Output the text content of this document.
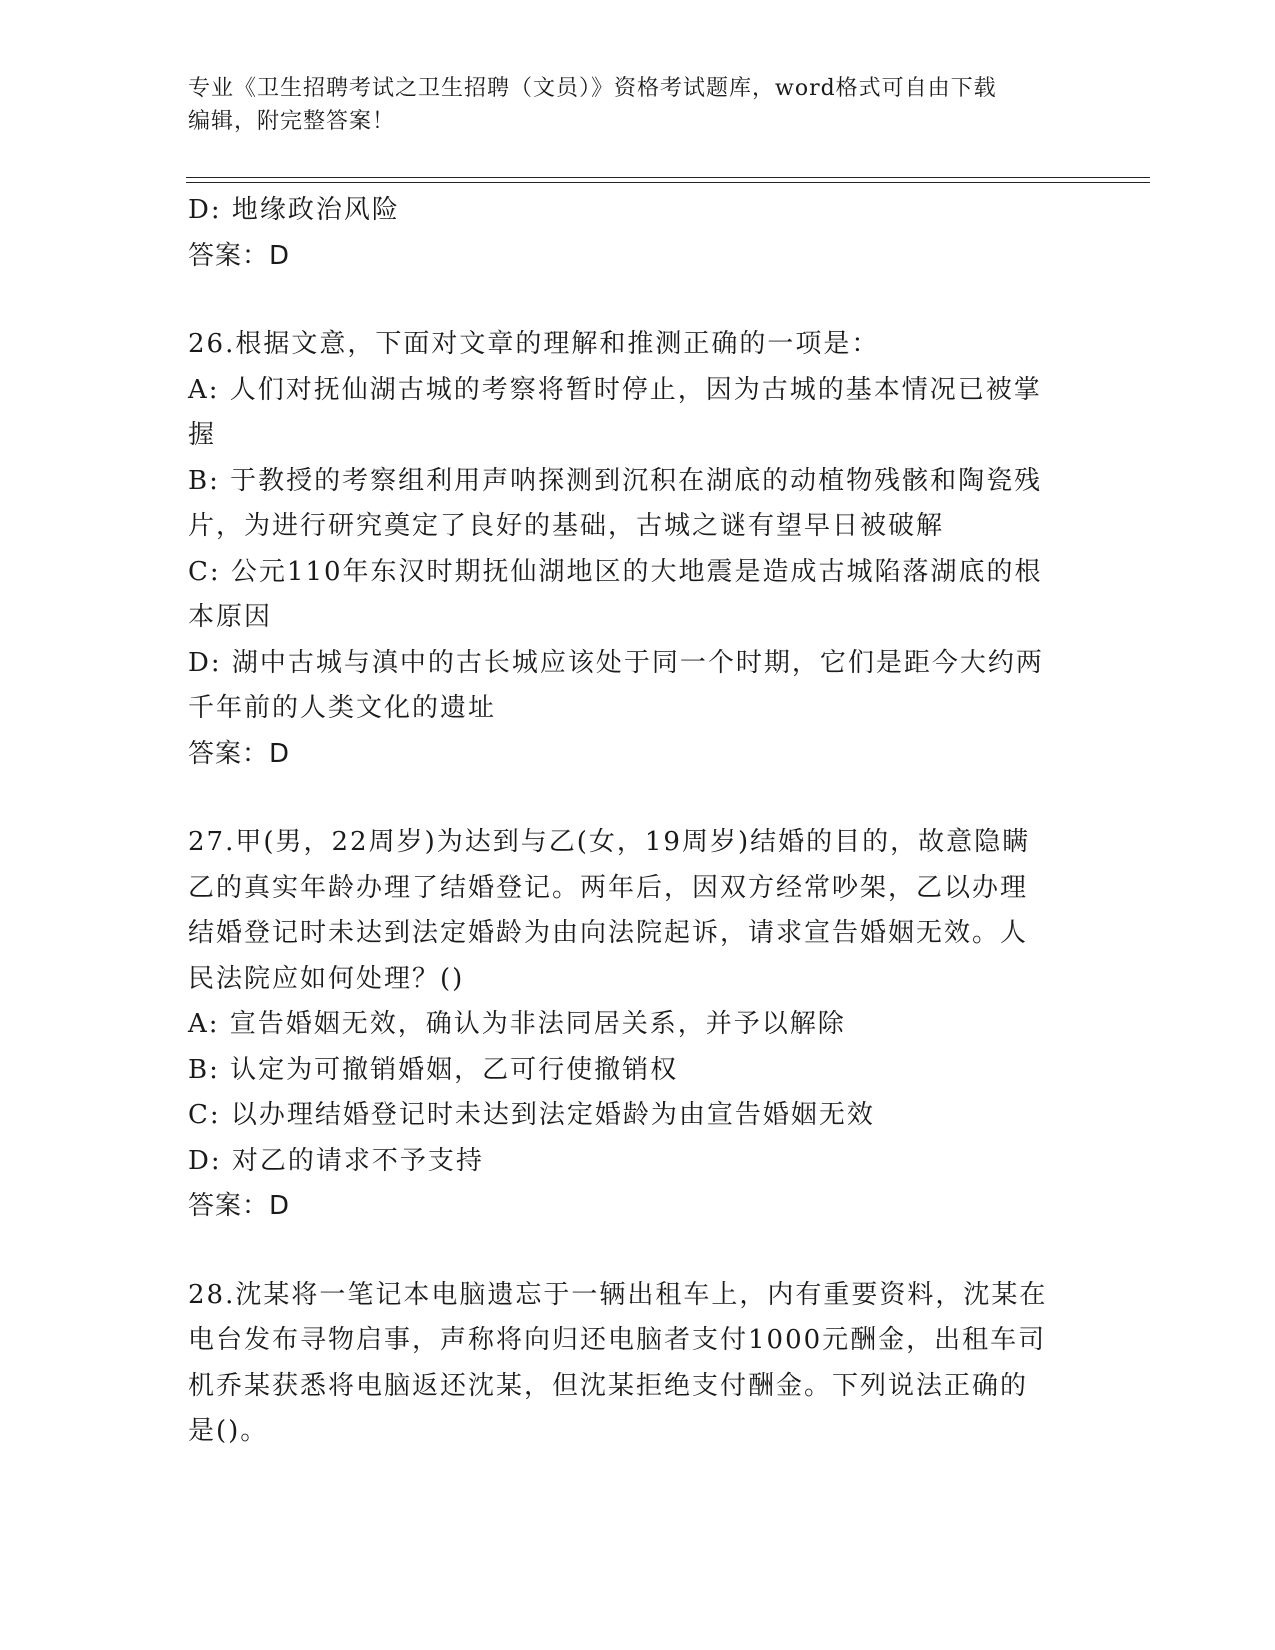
专业《卫生招聘考试之卫生招聘（文员）》资格考试题库，word格式可自由下载
编辑，附完整答案！
D: 地缘政治风险
答案：D
26.根据文意，下面对文章的理解和推测正确的一项是：
A: 人们对抚仙湖古城的考察将暂时停止，因为古城的基本情况已被掌
握
B: 于教授的考察组利用声呐探测到沉积在湖底的动植物残骸和陶瓷残
片，为进行研究奠定了良好的基础，古城之谜有望早日被破解
C: 公元110年东汉时期抚仙湖地区的大地震是造成古城陷落湖底的根
本原因
D: 湖中古城与滇中的古长城应该处于同一个时期，它们是距今大约两
千年前的人类文化的遗址
答案：D
27.甲(男，22周岁)为达到与乙(女，19周岁)结婚的目的，故意隐瞒
乙的真实年龄办理了结婚登记。两年后，因双方经常吵架，乙以办理
结婚登记时未达到法定婚龄为由向法院起诉，请求宣告婚姻无效。人
民法院应如何处理？()
A: 宣告婚姻无效，确认为非法同居关系，并予以解除
B: 认定为可撤销婚姻，乙可行使撤销权
C: 以办理结婚登记时未达到法定婚龄为由宣告婚姻无效
D: 对乙的请求不予支持
答案：D
28.沈某将一笔记本电脑遗忘于一辆出租车上，内有重要资料，沈某在
电台发布寻物启事，声称将向归还电脑者支付1000元酬金，出租车司
机乔某获悉将电脑返还沈某，但沈某拒绝支付酬金。下列说法正确的
是()。
